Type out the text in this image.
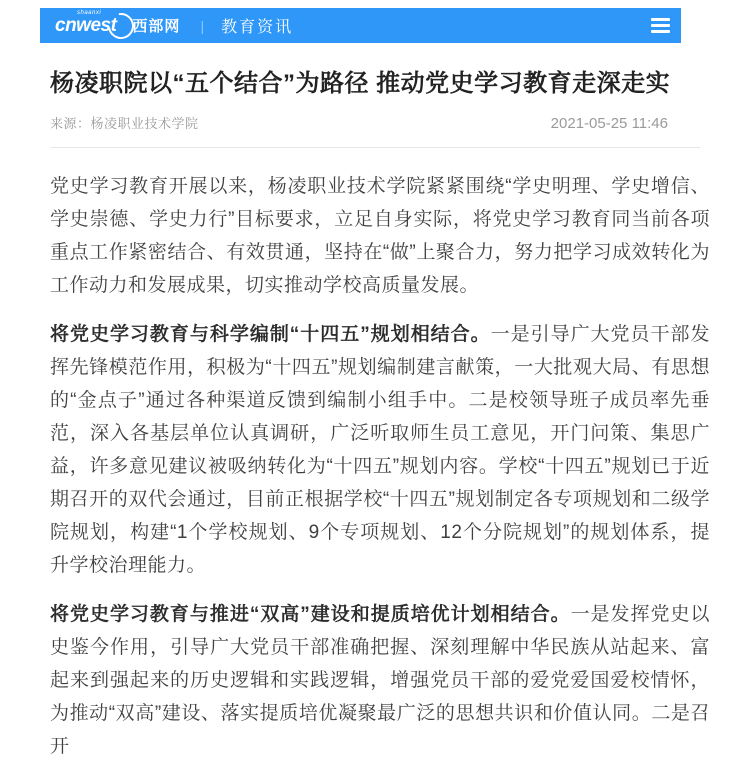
shaanxi
cnwest	西部网 | 教育资讯
杨凌职院以“五个结合”为路径 推动党史学习教育走深走实
来源：杨凌职业技术学院	2021-05-25 11:46

党史学习教育开展以来，杨凌职业技术学院紧紧围绕“学史明理、学史增信、学史崇德、学史力行”目标要求，立足自身实际，将党史学习教育同当前各项重点工作紧密结合、有效贯通，坚持在“做”上聚合力，努力把学习成效转化为工作动力和发展成果，切实推动学校高质量发展。

将党史学习教育与科学编制“十四五”规划相结合。一是引导广大党员干部发挥先锋模范作用，积极为“十四五”规划编制建言献策，一大批观大局、有思想的“金点子”通过各种渠道反馈到编制小组手中。二是校领导班子成员率先垂范，深入各基层单位认真调研，广泛听取师生员工意见，开门问策、集思广益，许多意见建议被吸纳转化为“十四五”规划内容。学校“十四五”规划已于近期召开的双代会通过，目前正根据学校“十四五”规划制定各专项规划和二级学院规划，构建“1个学校规划、9个专项规划、12个分院规划”的规划体系，提升学校治理能力。

将党史学习教育与推进“双高”建设和提质培优计划相结合。一是发挥党史以史鉴今作用，引导广大党员干部准确把握、深刻理解中华民族从站起来、富起来到强起来的历史逻辑和实践逻辑，增强党员干部的爱党爱国爱校情怀，为推动“双高”建设、落实提质培优凝聚最广泛的思想共识和价值认同。二是召开
